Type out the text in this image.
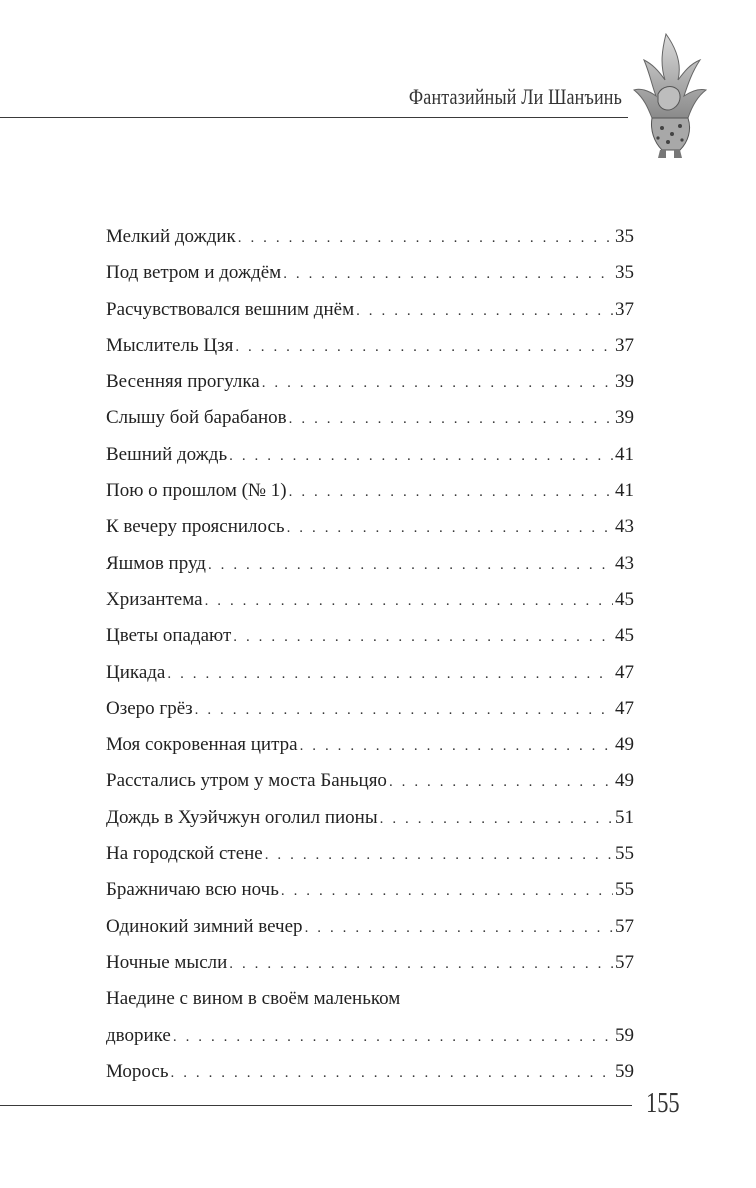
Фантазийный Ли Шанъинь
Мелкий дождик . . .	35
Под ветром и дождём . . .	35
Расчувствовался вешним днём . . .	37
Мыслитель Цзя . . .	37
Весенняя прогулка . . .	39
Слышу бой барабанов . . .	39
Вешний дождь . . .	41
Пою о прошлом (№ 1) . . .	41
К вечеру прояснилось . . .	43
Яшмов пруд . . .	43
Хризантема . . .	45
Цветы опадают . . .	45
Цикада . . .	47
Озеро грёз . . .	47
Моя сокровенная цитра . . .	49
Расстались утром у моста Баньцяо . . .	49
Дождь в Хуэйчжун оголил пионы . . .	51
На городской стене . . .	55
Бражничаю всю ночь . . .	55
Одинокий зимний вечер . . .	57
Ночные мысли . . .	57
Наедине с вином в своём маленьком
дворике . . .	59
Морось . . .	59
155
